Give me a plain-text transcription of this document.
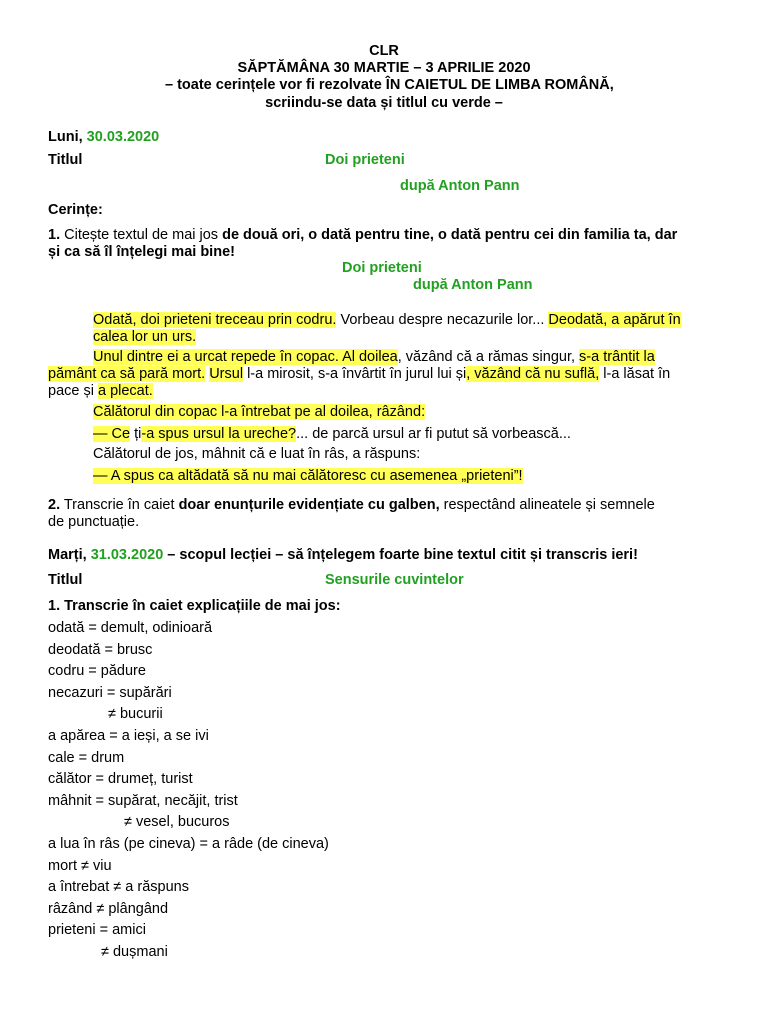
CLR
SĂPTĂMÂNA 30 MARTIE – 3 APRILIE 2020
– toate cerințele vor fi rezolvate ÎN CAIETUL DE LIMBA ROMÂNĂ,
scriindu-se data și titlul cu verde –
Luni, 30.03.2020
Titlul	Doi prieteni
după Anton Pann
Cerințe:
1. Citește textul de mai jos de două ori, o dată pentru tine, o dată pentru cei din familia ta, dar
și ca să îl înțelegi mai bine!
Doi prieteni
după Anton Pann
Odată, doi prieteni treceau prin codru. Vorbeau despre necazurile lor... Deodată, a apărut în
calea lor un urs.
Unul dintre ei a urcat repede în copac. Al doilea, văzând că a rămas singur, s-a trântit la
pământ ca să pară mort. Ursul l-a mirosit, s-a învârtit în jurul lui și, văzând că nu suflă, l-a lăsat în
pace și a plecat.
Călătorul din copac l-a întrebat pe al doilea, râzând:
— Ce ți-a spus ursul la ureche?... de parcă ursul ar fi putut să vorbească...
Călătorul de jos, mâhnit că e luat în râs, a răspuns:
— A spus ca altădată să nu mai călătoresc cu asemenea „prieteni”!
2. Transcrie în caiet doar enunțurile evidențiate cu galben, respectând alineatele și semnele
de punctuație.
Marți, 31.03.2020 – scopul lecției – să înțelegem foarte bine textul citit și transcris ieri!
Titlul	Sensurile cuvintelor
1. Transcrie în caiet explicațiile de mai jos:
odată = demult, odinioară
deodată = brusc
codru = pădure
necazuri = supărări
≠ bucurii
a apărea = a ieși, a se ivi
cale = drum
călător = drumeț, turist
mâhnit = supărat, necăjit, trist
≠ vesel, bucuros
a lua în râs (pe cineva) = a râde (de cineva)
mort ≠ viu
a întrebat ≠ a răspuns
râzând ≠ plângând
prieteni = amici
≠ dușmani
